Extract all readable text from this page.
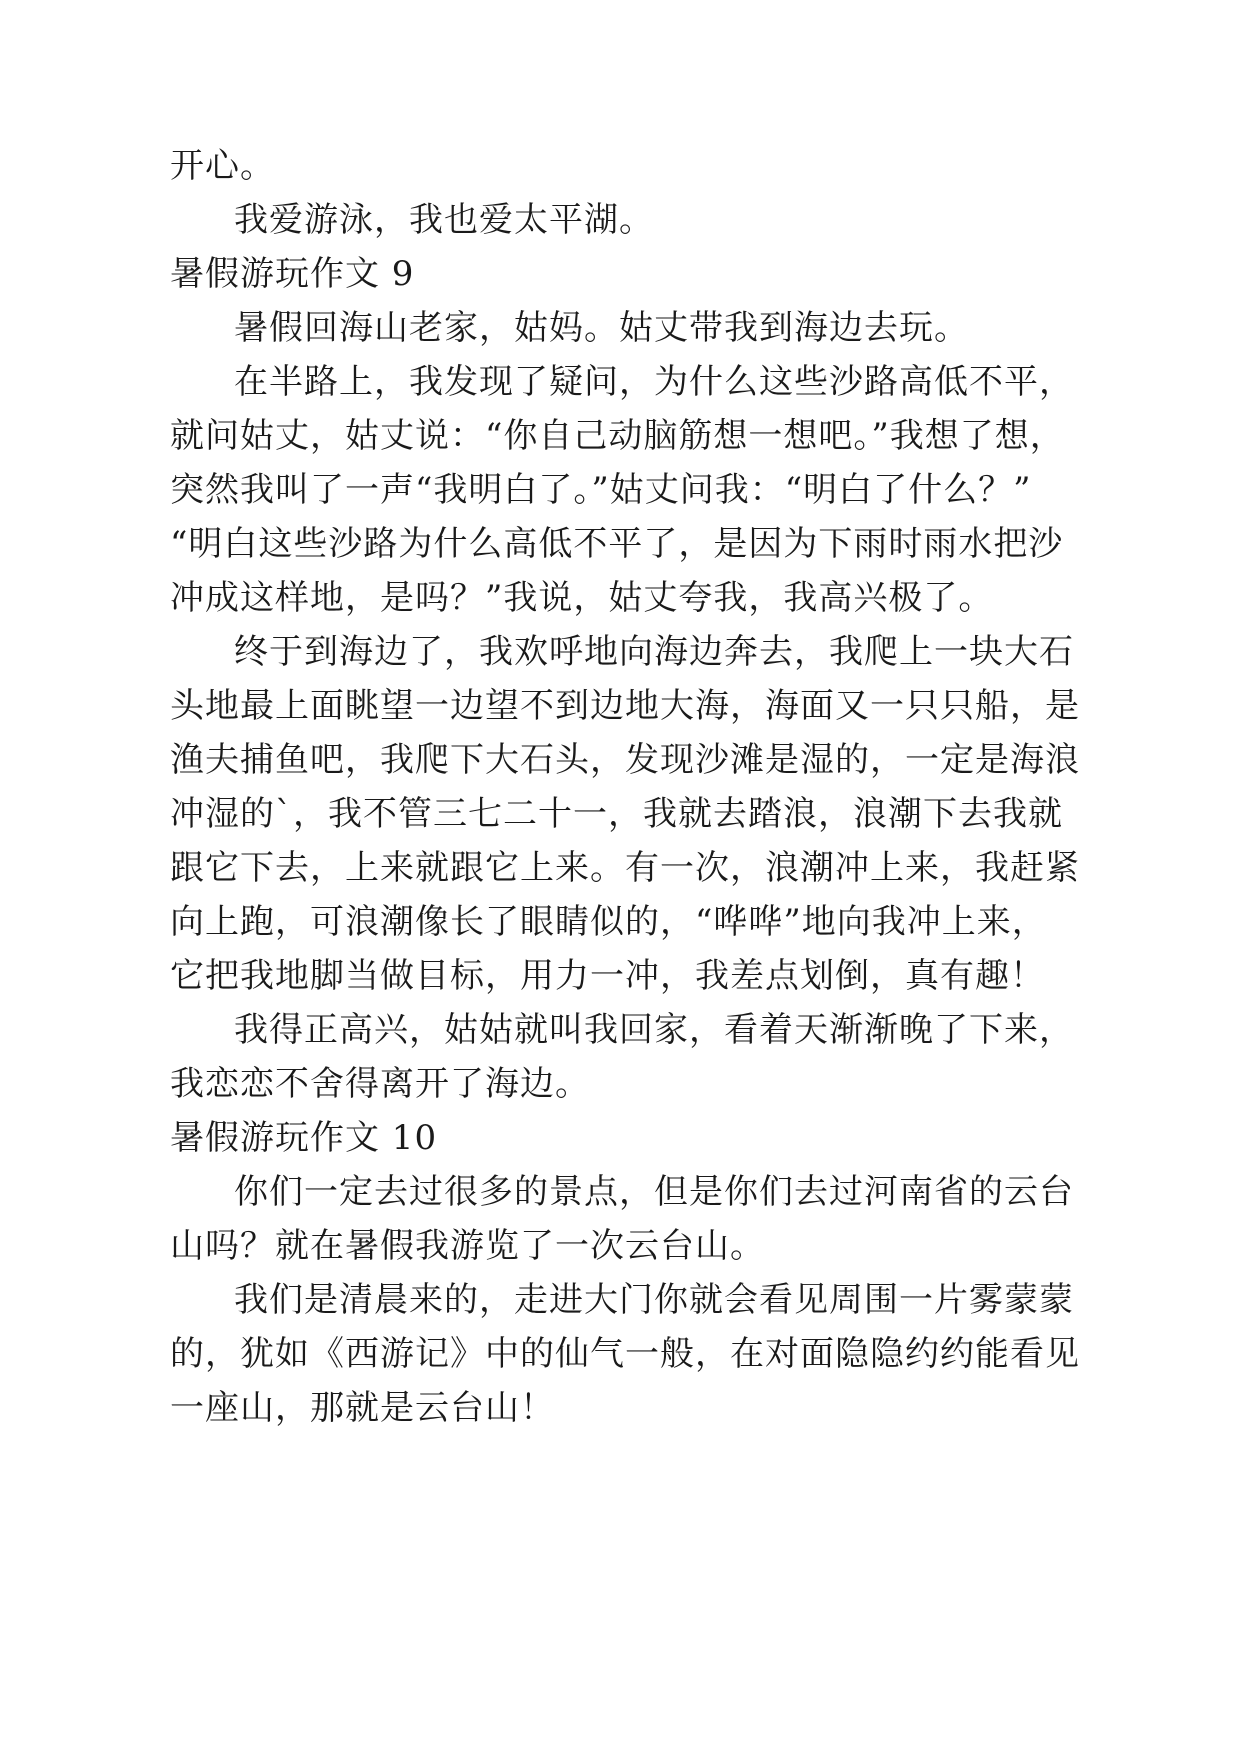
开心。
我爱游泳，我也爱太平湖。
暑假游玩作文 9
暑假回海山老家，姑妈。姑丈带我到海边去玩。
在半路上，我发现了疑问，为什么这些沙路高低不平，
就问姑丈，姑丈说：“你自己动脑筋想一想吧。”我想了想，
突然我叫了一声“我明白了。”姑丈问我：“明白了什么？”
“明白这些沙路为什么高低不平了，是因为下雨时雨水把沙
冲成这样地，是吗？”我说，姑丈夸我，我高兴极了。
终于到海边了，我欢呼地向海边奔去，我爬上一块大石
头地最上面眺望一边望不到边地大海，海面又一只只船，是
渔夫捕鱼吧，我爬下大石头，发现沙滩是湿的，一定是海浪
冲湿的`，我不管三七二十一，我就去踏浪，浪潮下去我就
跟它下去，上来就跟它上来。有一次，浪潮冲上来，我赶紧
向上跑，可浪潮像长了眼睛似的，“哗哗”地向我冲上来，
它把我地脚当做目标，用力一冲，我差点划倒，真有趣！
我得正高兴，姑姑就叫我回家，看着天渐渐晚了下来，
我恋恋不舍得离开了海边。
暑假游玩作文 10
你们一定去过很多的景点，但是你们去过河南省的云台
山吗？就在暑假我游览了一次云台山。
我们是清晨来的，走进大门你就会看见周围一片雾蒙蒙
的，犹如《西游记》中的仙气一般，在对面隐隐约约能看见
一座山，那就是云台山！
